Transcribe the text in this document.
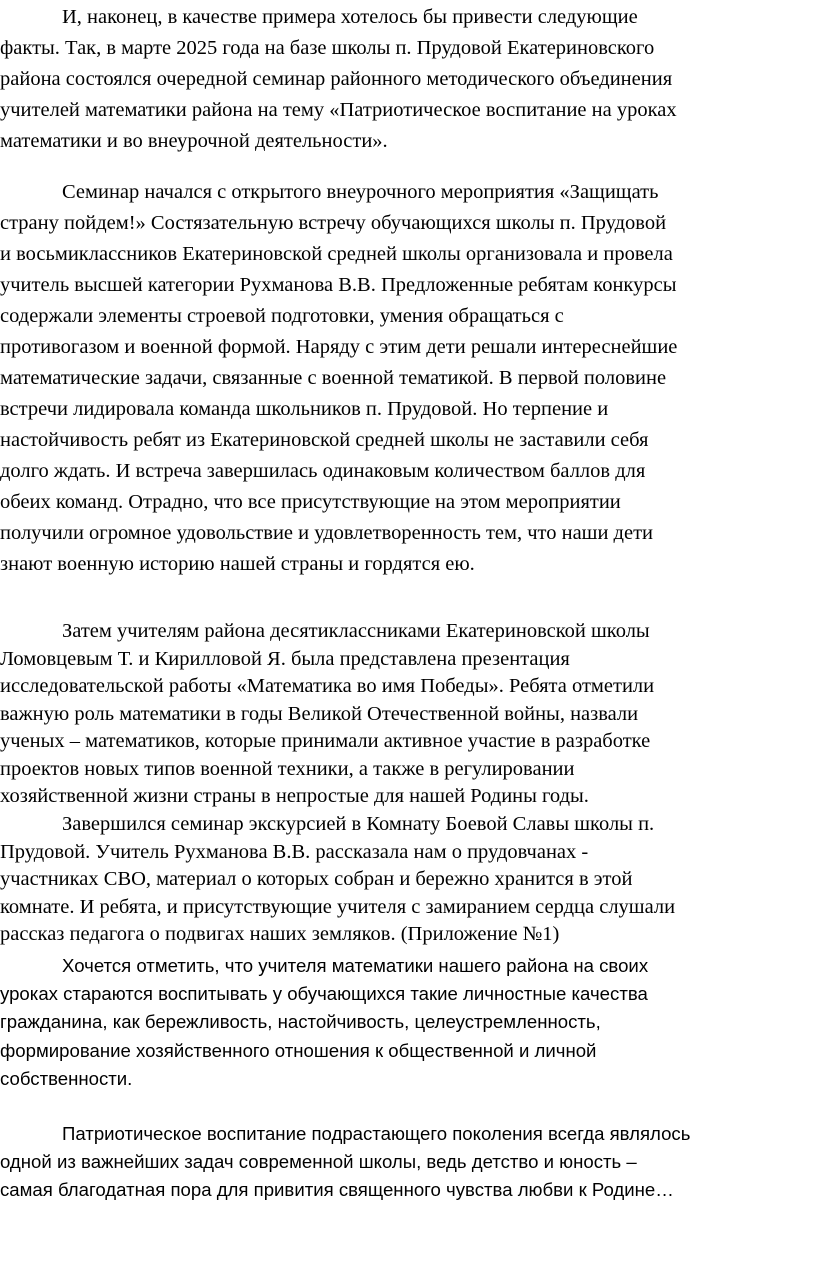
И, наконец, в качестве примера хотелось бы привести следующие
факты. Так, в марте 2025 года на базе школы п. Прудовой Екатериновского
района состоялся очередной семинар районного методического объединения
учителей математики района на тему «Патриотическое воспитание на уроках
математики и во внеурочной деятельности».
Семинар начался с открытого внеурочного мероприятия «Защищать
страну пойдем!» Состязательную встречу обучающихся школы п. Прудовой
и восьмиклассников Екатериновской средней школы организовала и провела
учитель высшей категории Рухманова В.В. Предложенные ребятам конкурсы
содержали элементы строевой подготовки, умения обращаться с
противогазом и военной формой. Наряду с этим дети решали интереснейшие
математические задачи, связанные с военной тематикой. В первой половине
встречи лидировала команда школьников п. Прудовой. Но терпение и
настойчивость ребят из Екатериновской средней школы не заставили себя
долго ждать. И встреча завершилась одинаковым количеством баллов для
обеих команд. Отрадно, что все присутствующие на этом мероприятии
получили огромное удовольствие и удовлетворенность тем, что наши дети
знают военную историю нашей страны и гордятся ею.
Затем учителям района десятиклассниками Екатериновской школы
Ломовцевым Т. и Кирилловой Я. была представлена презентация
исследовательской работы «Математика во имя Победы». Ребята отметили
важную роль математики в годы Великой Отечественной войны, назвали
ученых – математиков, которые принимали активное участие в разработке
проектов новых типов военной техники, а также в регулировании
хозяйственной жизни страны в непростые для нашей Родины годы.
Завершился семинар экскурсией в Комнату Боевой Славы школы п.
Прудовой. Учитель Рухманова В.В. рассказала нам о прудовчанах -
участниках СВО, материал о которых собран и бережно хранится в этой
комнате. И ребята, и присутствующие учителя с замиранием сердца слушали
рассказ педагога о подвигах наших земляков. (Приложение №1)
Хочется отметить, что учителя математики нашего района на своих
уроках стараются воспитывать у обучающихся такие личностные качества
гражданина, как бережливость, настойчивость, целеустремленность,
формирование хозяйственного отношения к общественной и личной
собственности.
Патриотическое воспитание подрастающего поколения всегда являлось
одной из важнейших задач современной школы, ведь детство и юность –
самая благодатная пора для привития священного чувства любви к Родине…
